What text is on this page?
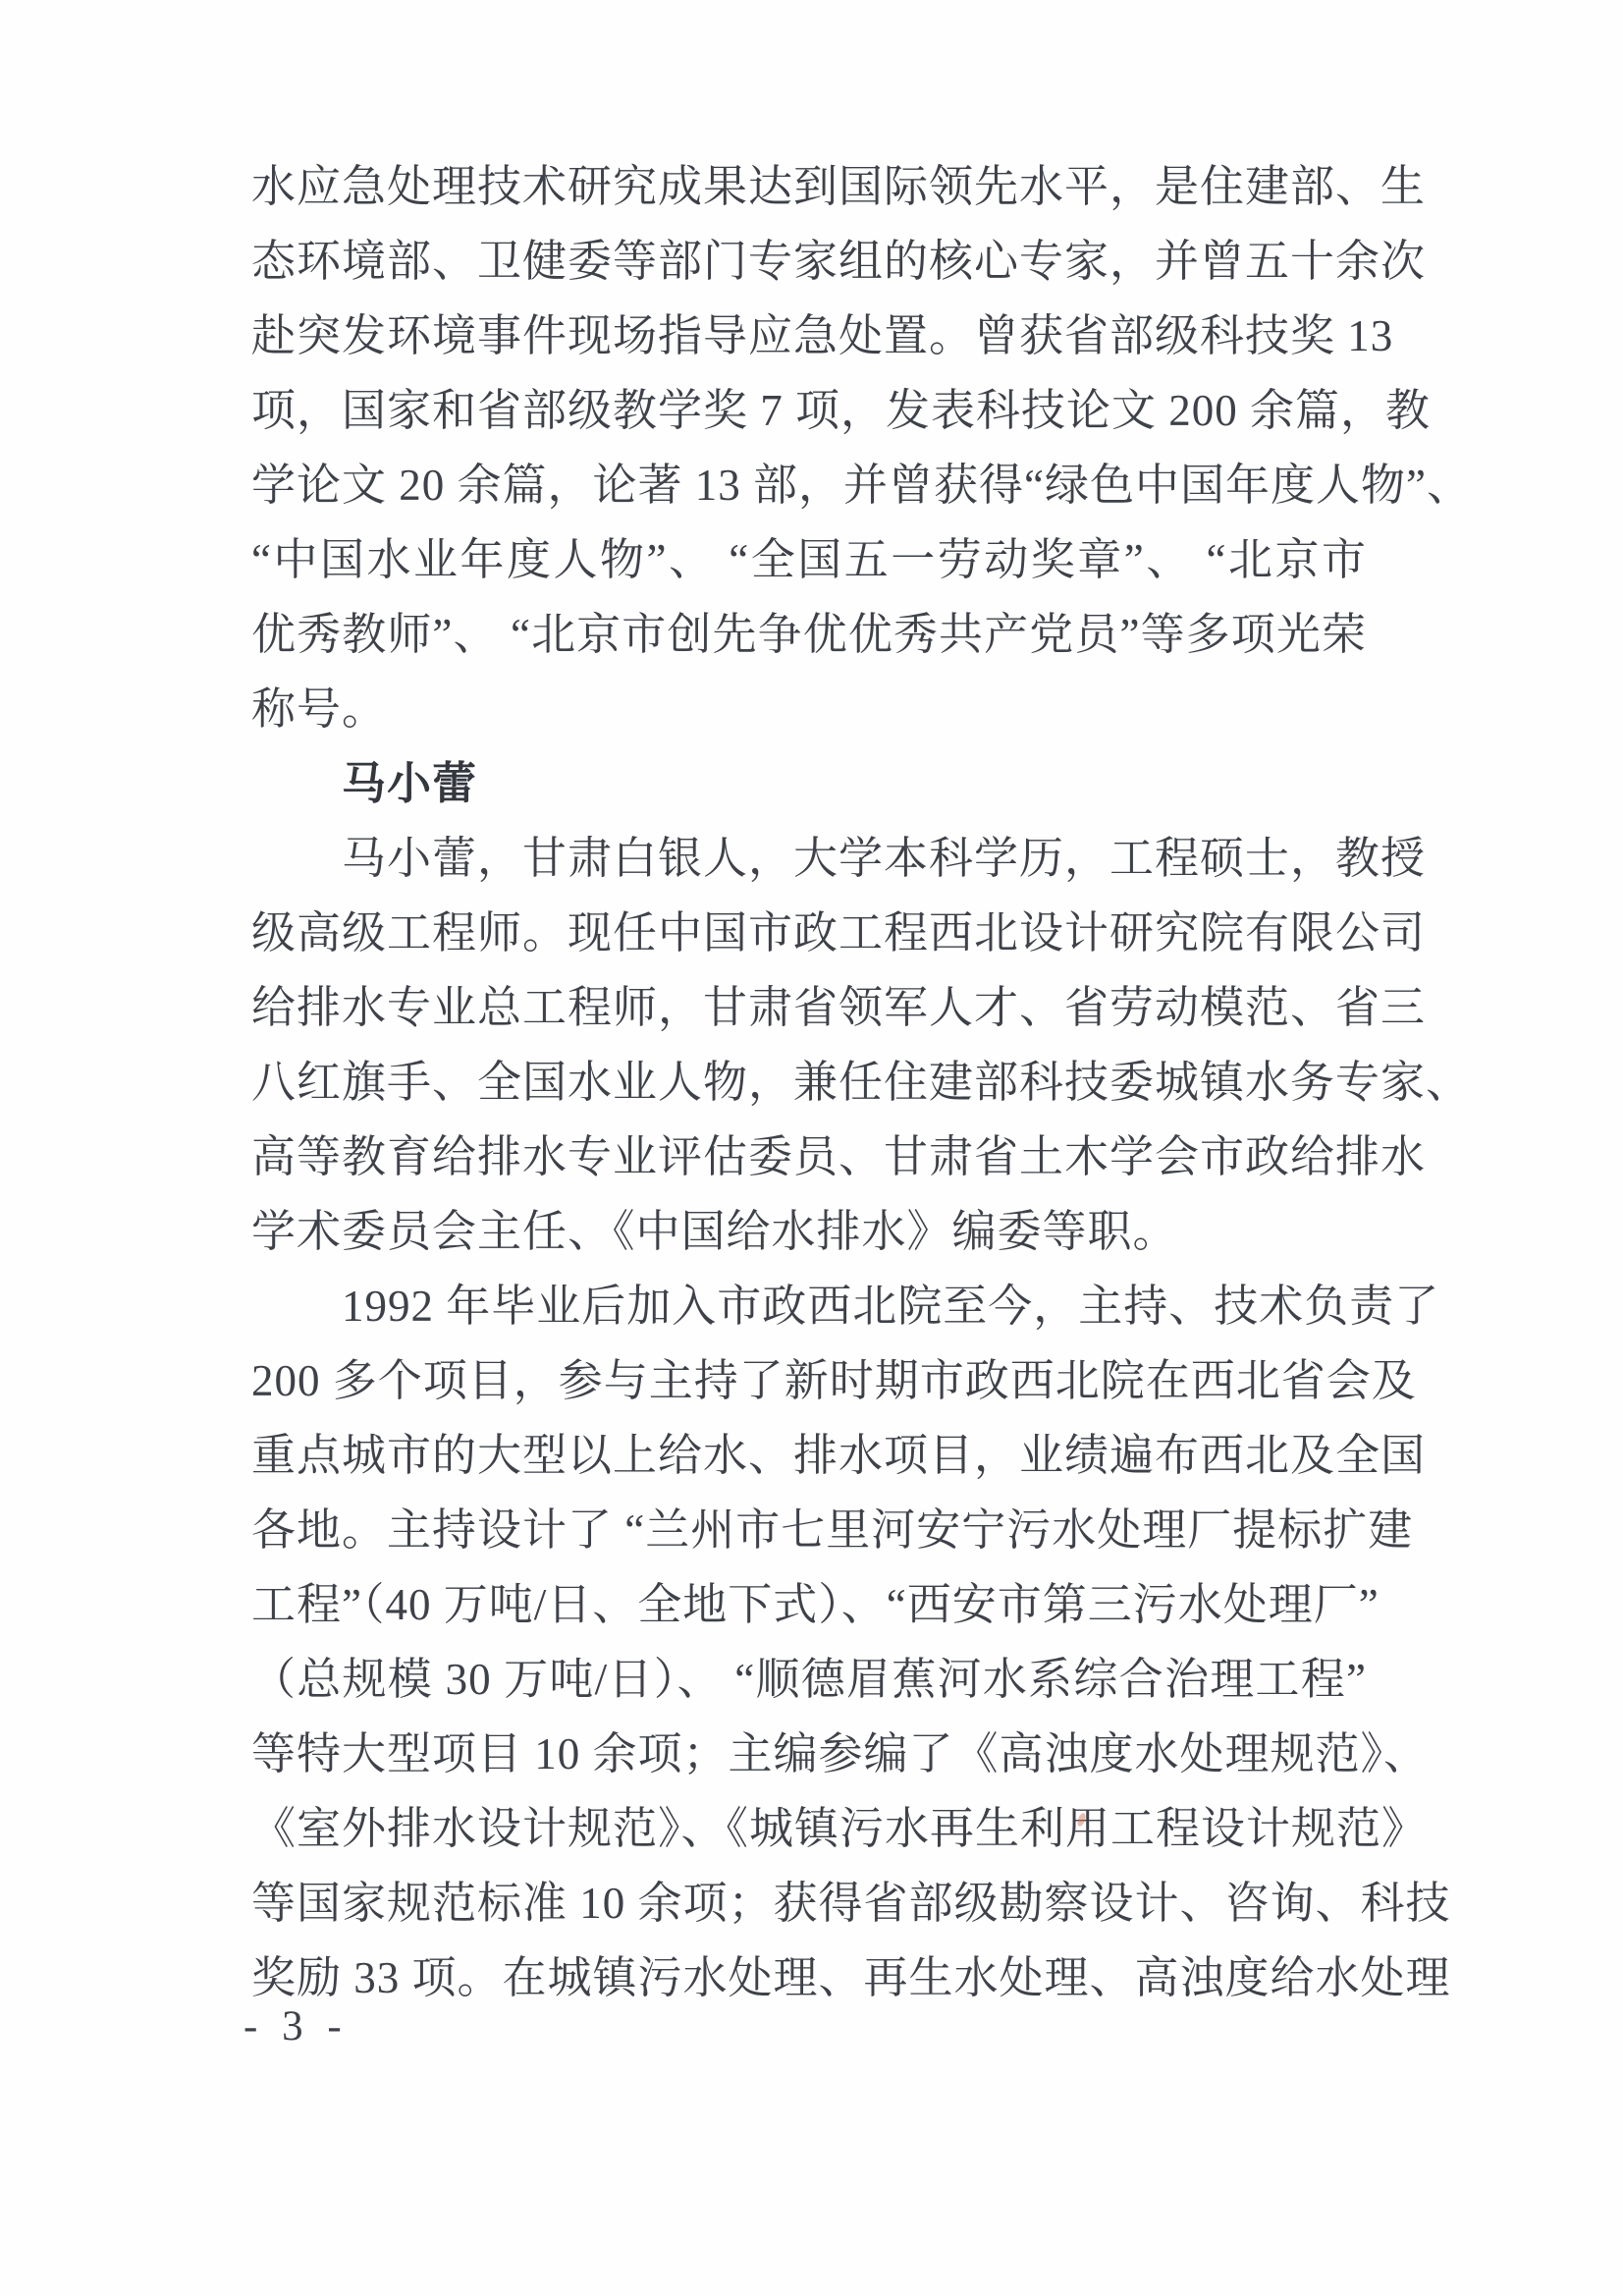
水应急处理技术研究成果达到国际领先水平，是住建部、生
态环境部、卫健委等部门专家组的核心专家，并曾五十余次
赴突发环境事件现场指导应急处置。曾获省部级科技奖 13
项，国家和省部级教学奖 7 项，发表科技论文 200 余篇，教
学论文 20 余篇，论著 13 部，并曾获得“绿色中国年度人物”、
“中国水业年度人物”、 “全国五一劳动奖章”、 “北京市
优秀教师”、 “北京市创先争优优秀共产党员”等多项光荣
称号。
马小蕾
马小蕾，甘肃白银人，大学本科学历，工程硕士，教授
级高级工程师。现任中国市政工程西北设计研究院有限公司
给排水专业总工程师，甘肃省领军人才、省劳动模范、省三
八红旗手、全国水业人物，兼任住建部科技委城镇水务专家、
高等教育给排水专业评估委员、甘肃省土木学会市政给排水
学术委员会主任、《中国给水排水》编委等职。
1992 年毕业后加入市政西北院至今，主持、技术负责了
200 多个项目，参与主持了新时期市政西北院在西北省会及
重点城市的大型以上给水、排水项目，业绩遍布西北及全国
各地。主持设计了 “兰州市七里河安宁污水处理厂提标扩建
工程”（40 万吨/日、全地下式）、“西安市第三污水处理厂”
（总规模 30 万吨/日）、 “顺德眉蕉河水系综合治理工程”
等特大型项目 10 余项；主编参编了《高浊度水处理规范》、
《室外排水设计规范》、《城镇污水再生利用工程设计规范》
等国家规范标准 10 余项；获得省部级勘察设计、咨询、科技
奖励 33 项。在城镇污水处理、再生水处理、高浊度给水处理
- 3 -
